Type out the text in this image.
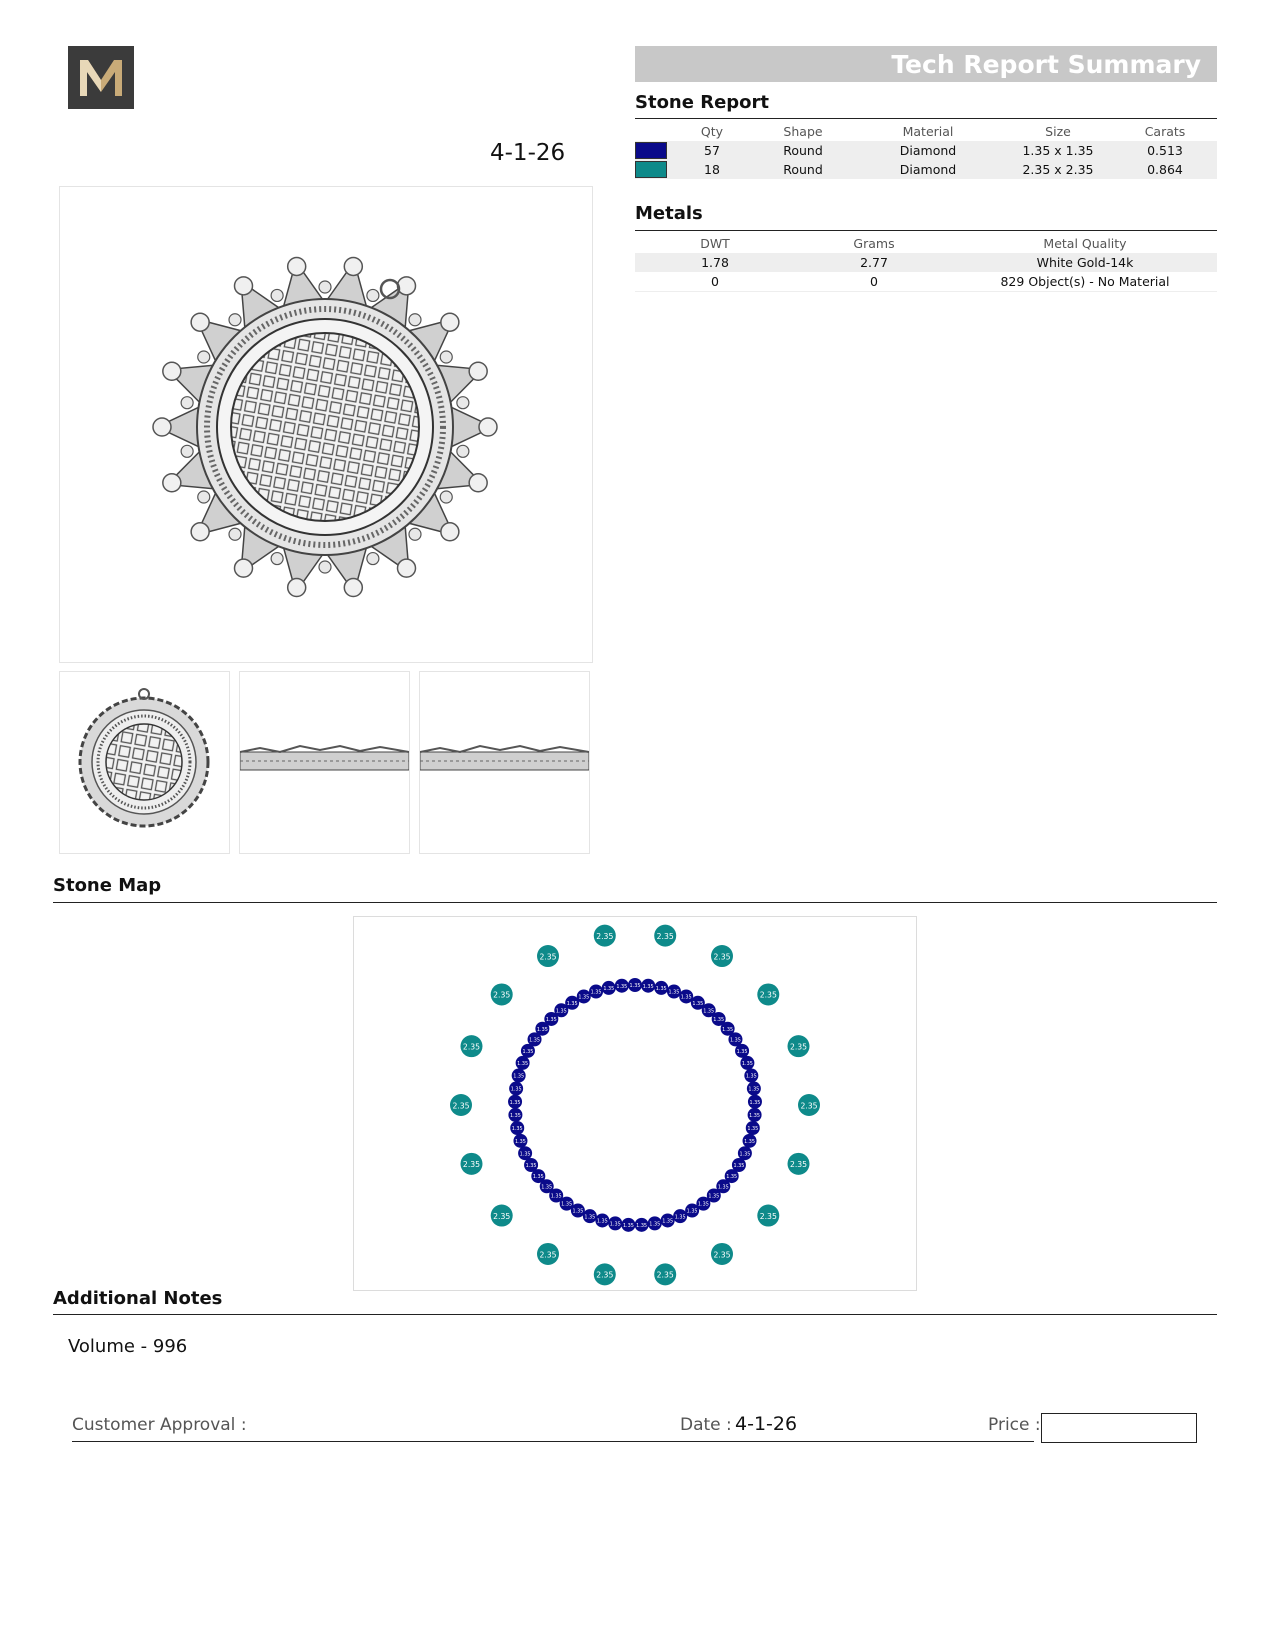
4-1-26
Tech Report Summary
Stone Report
	Qty	Shape	Material	Size	Carats
	57	Round	Diamond	1.35 x 1.35	0.513
	18	Round	Diamond	2.35 x 2.35	0.864
Metals
DWT	Grams	Metal Quality
1.78	2.77	White Gold-14k
0	0	829 Object(s) - No Material
Stone Map
1.35 1.35 1.35
1.35
1.35
1.35
1.35
1.35
1.35
1.35
1.35
1.35
1.35
1.35
1.35
1.35
1.35
1.35
1.35
1.35
1.35
1.35
1.35
1.35
1.35
1.35
1.35
1.35
1.35
1.35
1.35
1.35
1.35
1.35
1.35
1.35
1.35
1.35
1.35
1.35
1.35
1.35
1.35
1.35
1.35
1.35
1.35
1.35
1.35
1.35
1.35
1.35
1.35
1.35
1.35
1.35 1.35
2.35
2.35
2.35
2.35
2.35
2.35
2.35
2.35
2.35
2.35
2.35
2.35
2.35
2.35
2.35
2.35
2.35
2.35
Additional Notes
Volume - 996
Customer Approval :	Date : 4-1-26	Price :
